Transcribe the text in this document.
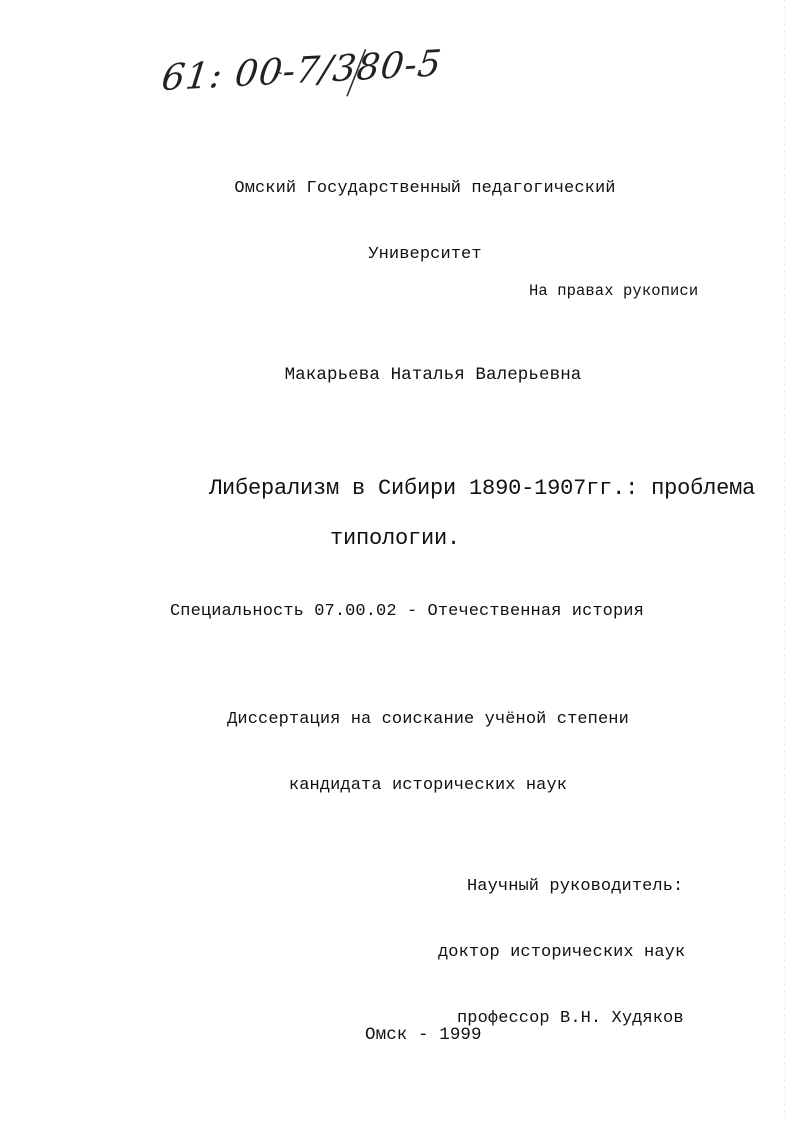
61: 00-7/380-5

Омский Государственный педагогический

Университет

На правах рукописи
Макарьева Наталья Валерьевна

Либерализм в Сибири 1890-1907гг.: проблема

типологии.

Специальность 07.00.02 - Отечественная история

Диссертация на соискание учёной степени

кандидата исторических наук

Научный руководитель:

доктор исторических наук

профессор В.Н. Худяков

Омск - 1999
